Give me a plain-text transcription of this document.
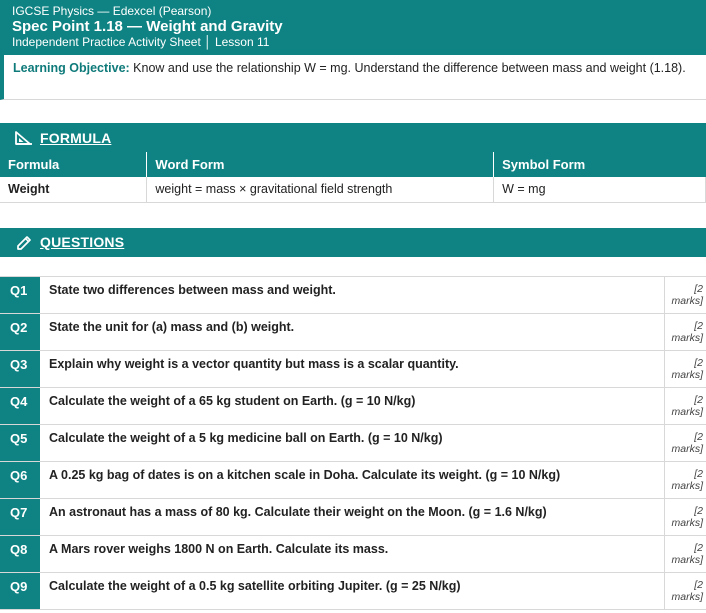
IGCSE Physics — Edexcel (Pearson)
Spec Point 1.18 — Weight and Gravity
Independent Practice Activity Sheet │ Lesson 11
Learning Objective: Know and use the relationship W = mg. Understand the difference between mass and weight (1.18).
FORMULA
Formula	Word Form	Symbol Form
Weight	weight = mass × gravitational field strength	W = mg
QUESTIONS
Q1	State two differences between mass and weight.	[2
marks]
Q2	State the unit for (a) mass and (b) weight.	[2
marks]
Q3	Explain why weight is a vector quantity but mass is a scalar quantity.	[2
marks]
Q4	Calculate the weight of a 65 kg student on Earth. (g = 10 N/kg)	[2
marks]
Q5	Calculate the weight of a 5 kg medicine ball on Earth. (g = 10 N/kg)	[2
marks]
Q6	A 0.25 kg bag of dates is on a kitchen scale in Doha. Calculate its weight. (g = 10 N/kg)	[2
marks]
Q7	An astronaut has a mass of 80 kg. Calculate their weight on the Moon. (g = 1.6 N/kg)	[2
marks]
Q8	A Mars rover weighs 1800 N on Earth. Calculate its mass.	[2
marks]
Q9	Calculate the weight of a 0.5 kg satellite orbiting Jupiter. (g = 25 N/kg)	[2
marks]
